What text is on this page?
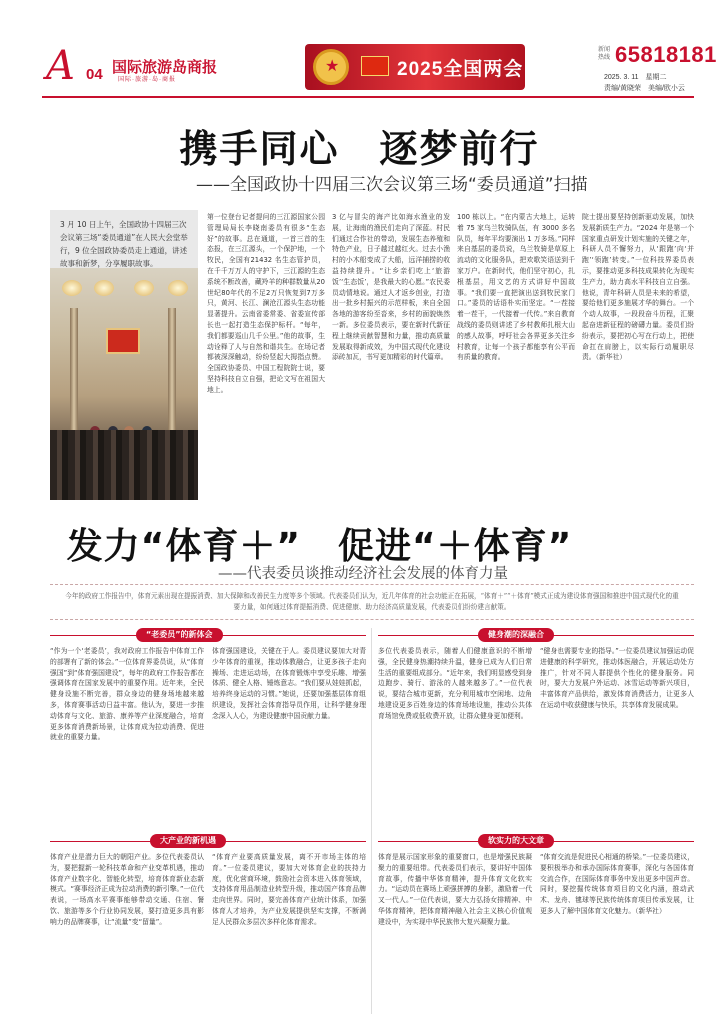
A 04 国际旅游岛商报
国际·旅游·岛·商报
★	2025全国两会
新闻热线 65818181
2025. 3. 11　星期二
责编/黄晓荣　美编/欧小云
携手同心　逐梦前行
——全国政协十四届三次会议第三场“委员通道”扫描
3 月 10 日上午，全国政协十四届三次会议第三场“委员通道”在人民大会堂举行，9 位全国政协委员走上通道，讲述故事和新梦，分享履职故事。
第一位登台记者提问的三江源国家公园管理局局长李晓南委员有很多“生态好”的故事。总在通道，一首三首的生态报，在三江源头，一个保护地，一个牧民，全国有21432 名生态管护员，在千千万万人的守护下，三江源的生态系统不断改善，藏羚羊的种群数量从20世纪80年代的不足2万只恢复到7万多只，黄河、长江、澜沧江源头生态功能显著提升。云南省委常委、省委宣传部长也一起打造生态保护标杆。“每年，我们都要巡山几千公里。”他的故事，生动诠释了人与自然和谐共生。在场记者都被深深触动，纷纷竖起大拇指点赞。全国政协委员、中国工程院院士说，要坚持科技自立自强，把论文写在祖国大地上。
3 亿与冒尖的海产比如海水渔业的发展，让海南的渔民们走向了深蓝。村民们通过合作社的带动，发展生态养殖和特色产业，日子越过越红火。过去小渔村的小木船变成了大船，远洋捕捞的收益持续提升。“让乡亲们吃上‘旅游饭’‘生态饭’，是我最大的心愿。”农民委员动情地说。通过人才返乡创业，打造出一批乡村振兴的示范样板，来自全国各地的游客纷至沓来，乡村的面貌焕然一新。多位委员表示，要在新时代新征程上继续贡献智慧和力量，推动高质量发展取得新成效，为中国式现代化建设添砖加瓦，书写更加精彩的时代篇章。
100 栋以上。“在内蒙古大地上，运转着 75 家乌兰牧骑队伍，有 3000 多名队员，每年平均要演出 1 万多场。”同样来自基层的委员说，乌兰牧骑是草原上流动的文化服务队，把欢歌笑语送到千家万户。在新时代，他们坚守初心，扎根基层，用文艺的方式讲好中国故事。“我们要一直把演出送到牧民家门口。”委员的话语朴实而坚定。“一茬接着一茬干，一代接着一代传。”来自教育战线的委员则讲述了乡村教师扎根大山的感人故事，呼吁社会各界更多关注乡村教育，让每一个孩子都能享有公平而有质量的教育。
院士提出要坚持创新驱动发展，加快发展新质生产力。“2024 年是第一个国家重点研发计划实施的关键之年，科研人员不懈努力，从‘跟跑’向‘并跑’‘领跑’转变。”一位科技界委员表示，要推动更多科技成果转化为现实生产力，助力高水平科技自立自强。他说，青年科研人员是未来的希望，要给他们更多施展才华的舞台。一个个动人故事，一段段奋斗历程，汇聚起奋进新征程的磅礴力量。委员们纷纷表示，要把初心写在行动上，把使命扛在肩膀上，以实际行动履职尽责。（新华社）
发力“体育＋”　促进“＋体育”
——代表委员谈推动经济社会发展的体育力量
今年的政府工作报告中，体育元素出现在提振消费、加大保障和改善民生力度等多个领域。代表委员们认为，近几年体育的社会功能正在拓展，“体育＋”“＋体育”模式正成为建设体育强国和推进中国式现代化的重要力量，如何通过体育提振消费、促进健康、助力经济高质量发展，代表委员们纷纷建言献策。
“老委员”的新体会	健身潮的深融合
“作为一个‘老委员’，我对政府工作报告中体育工作的部署有了新的体会。”一位体育界委员说，从“体育强国”到“体育强国建设”，每年的政府工作报告都在强调体育在国家发展中的重要作用。近年来，全民健身设施不断完善，群众身边的健身场地越来越多，体育赛事活动日益丰富。他认为，要进一步推动体育与文化、旅游、康养等产业深度融合，培育更多体育消费新场景，让体育成为拉动消费、促进就业的重要力量。
体育强国建设，关键在于人。委员建议要加大对青少年体育的重视，推动体教融合，让更多孩子走向操场、走进运动场，在体育锻炼中享受乐趣、增强体质、健全人格、锤炼意志。“我们要从娃娃抓起，培养终身运动的习惯。”她说，还要加强基层体育组织建设，发挥社会体育指导员作用，让科学健身理念深入人心，为建设健康中国贡献力量。
多位代表委员表示，随着人们健康意识的不断增强，全民健身热潮持续升温，健身已成为人们日常生活的重要组成部分。“近年来，我们明显感受到身边跑步、骑行、游泳的人越来越多了。”一位代表说，要结合城市更新，充分利用城市空闲地、边角地建设更多百姓身边的体育场地设施，推动公共体育场馆免费或低收费开放，让群众健身更加便利。
“健身也需要专业的指导。”一位委员建议加强运动促进健康的科学研究，推动体医融合，开展运动处方推广，针对不同人群提供个性化的健身服务。同时，要大力发展户外运动、冰雪运动等新兴项目，丰富体育产品供给，激发体育消费活力，让更多人在运动中收获健康与快乐，共享体育发展成果。
大产业的新机遇	软实力的大文章
体育产业是潜力巨大的朝阳产业。多位代表委员认为，要把握新一轮科技革命和产业变革机遇，推动体育产业数字化、智能化转型，培育体育新业态新模式。“赛事经济正成为拉动消费的新引擎。”一位代表说，一场高水平赛事能够带动交通、住宿、餐饮、旅游等多个行业协同发展，要打造更多具有影响力的品牌赛事，让“流量”变“留量”。
“体育产业要高质量发展，离不开市场主体的培育。”一位委员建议，要加大对体育企业的扶持力度，优化营商环境，鼓励社会资本进入体育领域，支持体育用品制造业转型升级，推动国产体育品牌走向世界。同时，要完善体育产业统计体系，加强体育人才培养，为产业发展提供坚实支撑，不断满足人民群众多层次多样化体育需求。
体育是展示国家形象的重要窗口，也是增强民族凝聚力的重要纽带。代表委员们表示，要讲好中国体育故事，传播中华体育精神，提升体育文化软实力。“运动员在赛场上顽强拼搏的身影，激励着一代又一代人。”一位代表说，要大力弘扬女排精神、中华体育精神，把体育精神融入社会主义核心价值观建设中，为实现中华民族伟大复兴凝聚力量。
“体育交流是促进民心相通的桥梁。”一位委员建议，要积极举办和承办国际体育赛事，深化与各国体育交流合作，在国际体育事务中发出更多中国声音。同时，要挖掘传统体育项目的文化内涵，推动武术、龙舟、毽球等民族传统体育项目传承发展，让更多人了解中国体育文化魅力。（新华社）
